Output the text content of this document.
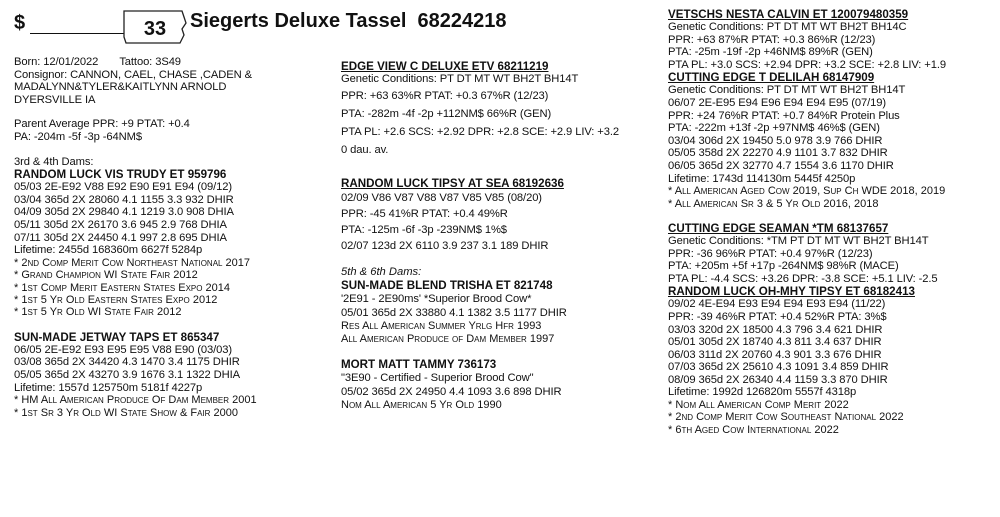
$	33	Siegerts Deluxe Tassel 68224218
Born: 12/01/2022 Tattoo: 3S49
Consignor: CANNON, CAEL, CHASE ,CADEN &
MADALYNN&TYLER&KAITLYNN ARNOLD
DYERSVILLE IA
Parent Average PPR: +9 PTAT: +0.4
PA: -204m -5f -3p -64NM$
3rd & 4th Dams:
RANDOM LUCK VIS TRUDY ET 959796
05/03 2E-E92 V88 E92 E90 E91 E94 (09/12)
03/04 365d 2X 28060 4.1 1155 3.3 932 DHIR
04/09 305d 2X 29840 4.1 1219 3.0 908 DHIA
05/11 305d 2X 26170 3.6 945 2.9 768 DHIA
07/11 305d 2X 24450 4.1 997 2.8 695 DHIA
Lifetime: 2455d 168360m 6627f 5284p
* 2nd Comp Merit Cow Northeast National 2017
* Grand Champion WI State Fair 2012
* 1st Comp Merit Eastern States Expo 2014
* 1st 5 Yr Old Eastern States Expo 2012
* 1st 5 Yr Old WI State Fair 2012
SUN-MADE JETWAY TAPS ET 865347
06/05 2E-E92 E93 E95 E95 V88 E90 (03/03)
03/08 365d 2X 34420 4.3 1470 3.4 1175 DHIR
05/05 365d 2X 43270 3.9 1676 3.1 1322 DHIA
Lifetime: 1557d 125750m 5181f 4227p
* HM All American Produce Of Dam Member 2001
* 1st Sr 3 Yr Old WI State Show & Fair 2000
EDGE VIEW C DELUXE ETV 68211219
Genetic Conditions: PT DT MT WT BH2T BH14T
PPR: +63 63%R PTAT: +0.3 67%R (12/23)
PTA: -282m -4f -2p +112NM$ 66%R (GEN)
PTA PL: +2.6 SCS: +2.92 DPR: +2.8 SCE: +2.9 LIV: +3.2
0 dau. av.
RANDOM LUCK TIPSY AT SEA 68192636
02/09 V86 V87 V88 V87 V85 V85 (08/20)
PPR: -45 41%R PTAT: +0.4 49%R
PTA: -125m -6f -3p -239NM$ 1%$
02/07 123d 2X 6110 3.9 237 3.1 189 DHIR
5th & 6th Dams:
SUN-MADE BLEND TRISHA ET 821748
'2E91 - 2E90ms' *Superior Brood Cow*
05/01 365d 2X 33880 4.1 1382 3.5 1177 DHIR
Res All American Summer Yrlg Hfr 1993
All American Produce of Dam Member 1997
MORT MATT TAMMY 736173
"3E90 - Certified - Superior Brood Cow"
05/02 365d 2X 24950 4.4 1093 3.6 898 DHIR
Nom All American 5 Yr Old 1990
VETSCHS NESTA CALVIN ET 120079480359
Genetic Conditions: PT DT MT WT BH2T BH14C
PPR: +63 87%R PTAT: +0.3 86%R (12/23)
PTA: -25m -19f -2p +46NM$ 89%R (GEN)
PTA PL: +3.0 SCS: +2.94 DPR: +3.2 SCE: +2.8 LIV: +1.9
CUTTING EDGE T DELILAH 68147909
Genetic Conditions: PT DT MT WT BH2T BH14T
06/07 2E-E95 E94 E96 E94 E94 E95 (07/19)
PPR: +24 76%R PTAT: +0.7 84%R Protein Plus
PTA: -222m +13f -2p +97NM$ 46%$ (GEN)
03/04 306d 2X 19450 5.0 978 3.9 766 DHIR
05/05 358d 2X 22270 4.9 1101 3.7 832 DHIR
06/05 365d 2X 32770 4.7 1554 3.6 1170 DHIR
Lifetime: 1743d 114130m 5445f 4250p
* All American Aged Cow 2019, Sup Ch WDE 2018, 2019
* All American Sr 3 & 5 Yr Old 2016, 2018
CUTTING EDGE SEAMAN *TM 68137657
Genetic Conditions: *TM PT DT MT WT BH2T BH14T
PPR: -36 96%R PTAT: +0.4 97%R (12/23)
PTA: +205m +5f +17p -264NM$ 98%R (MACE)
PTA PL: -4.4 SCS: +3.26 DPR: -3.8 SCE: +5.1 LIV: -2.5
RANDOM LUCK OH-MHY TIPSY ET 68182413
09/02 4E-E94 E93 E94 E94 E93 E94 (11/22)
PPR: -39 46%R PTAT: +0.4 52%R PTA: 3%$
03/03 320d 2X 18500 4.3 796 3.4 621 DHIR
05/01 305d 2X 18740 4.3 811 3.4 637 DHIR
06/03 311d 2X 20760 4.3 901 3.3 676 DHIR
07/03 365d 2X 25610 4.3 1091 3.4 859 DHIR
08/09 365d 2X 26340 4.4 1159 3.3 870 DHIR
Lifetime: 1992d 126820m 5557f 4318p
* Nom All American Comp Merit 2022
* 2nd Comp Merit Cow Southeast National 2022
* 6th Aged Cow International 2022
